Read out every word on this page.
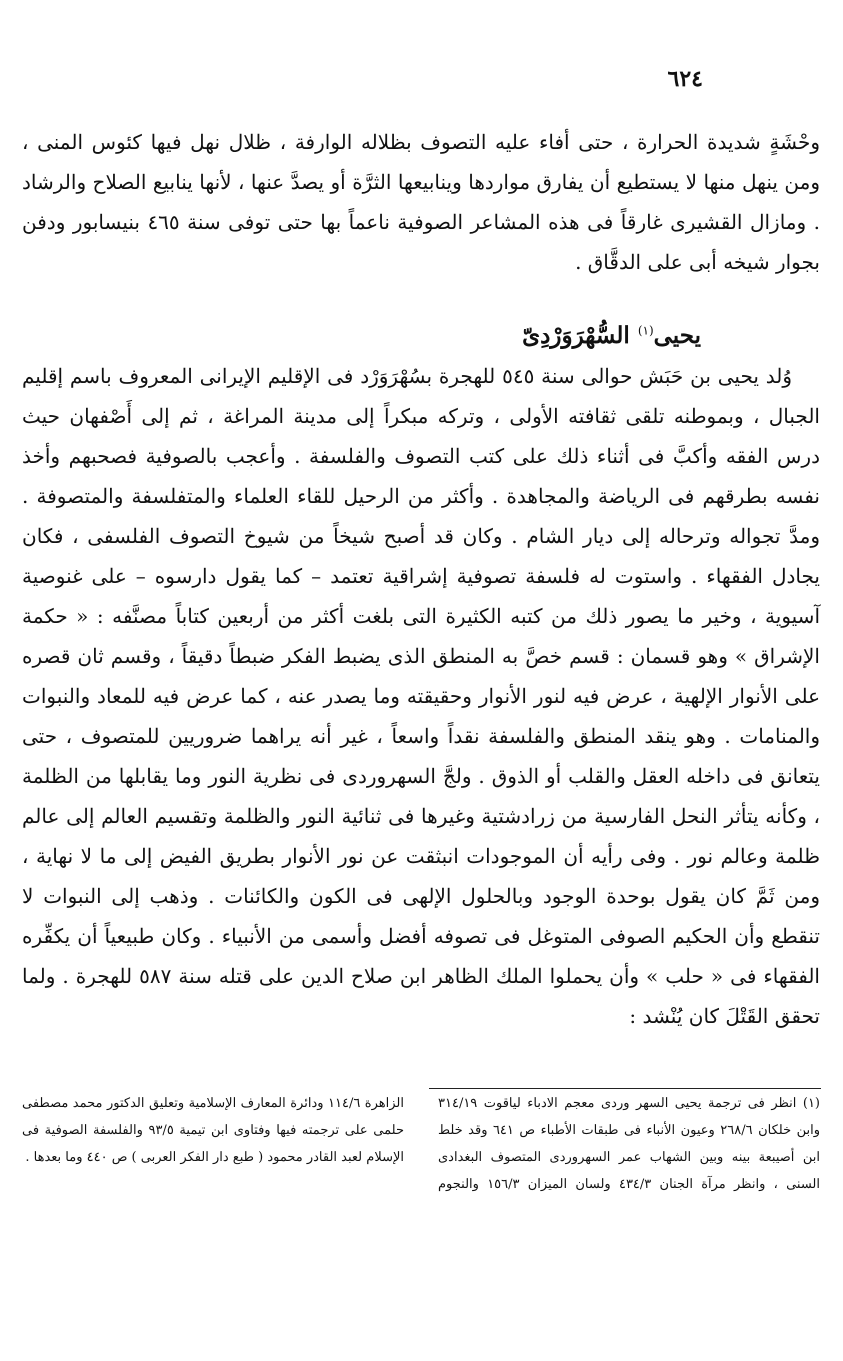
٦٢٤

وحْشَةٍ شديدة الحرارة ، حتى أفاء عليه التصوف بظلاله الوارفة ، ظلال نهل فيها كئوس المنى ، ومن ينهل منها لا يستطيع أن يفارق مواردها وينابيعها الثرَّة أو يصدَّ عنها ، لأنها ينابيع الصلاح والرشاد . ومازال القشيرى غارقاً فى هذه المشاعر الصوفية ناعماً بها حتى توفى سنة ٤٦٥ بنيسابور ودفن بجوار شيخه أبى على الدقَّاق .

يحيى$^{(١)}$ السُّهْرَوَرْدِىّ

وُلد يحيى بن حَبَش حوالى سنة ٥٤٥ للهجرة بسُهْرَوَرْد فى الإقليم الإيرانى المعروف باسم إقليم الجبال ، وبموطنه تلقى ثقافته الأولى ، وتركه مبكراً إلى مدينة المراغة ، ثم إلى أَصْفهان حيث درس الفقه وأكبَّ فى أثناء ذلك على كتب التصوف والفلسفة . وأعجب بالصوفية فصحبهم وأخذ نفسه بطرقهم فى الرياضة والمجاهدة . وأكثر من الرحيل للقاء العلماء والمتفلسفة والمتصوفة . ومدَّ تجواله وترحاله إلى ديار الشام . وكان قد أصبح شيخاً من شيوخ التصوف الفلسفى ، فكان يجادل الفقهاء . واستوت له فلسفة تصوفية إشراقية تعتمد – كما يقول دارسوه – على غنوصية آسيوية ، وخير ما يصور ذلك من كتبه الكثيرة التى بلغت أكثر من أربعين كتاباً مصنَّفه : « حكمة الإشراق » وهو قسمان : قسم خصَّ به المنطق الذى يضبط الفكر ضبطاً دقيقاً ، وقسم ثان قصره على الأنوار الإلهية ، عرض فيه لنور الأنوار وحقيقته وما يصدر عنه ، كما عرض فيه للمعاد والنبوات والمنامات . وهو ينقد المنطق والفلسفة نقداً واسعاً ، غير أنه يراهما ضروريين للمتصوف ، حتى يتعانق فى داخله العقل والقلب أو الذوق . ولجَّ السهروردى فى نظرية النور وما يقابلها من الظلمة ، وكأنه يتأثر النحل الفارسية من زرادشتية وغيرها فى ثنائية النور والظلمة وتقسيم العالم إلى عالم ظلمة وعالم نور . وفى رأيه أن الموجودات انبثقت عن نور الأنوار بطريق الفيض إلى ما لا نهاية ، ومن ثَمَّ كان يقول بوحدة الوجود وبالحلول الإلهى فى الكون والكائنات . وذهب إلى النبوات لا تنقطع وأن الحكيم الصوفى المتوغل فى تصوفه أفضل وأسمى من الأنبياء . وكان طبيعياً أن يكفِّره الفقهاء فى « حلب » وأن يحملوا الملك الظاهر ابن صلاح الدين على قتله سنة ٥٨٧ للهجرة . ولما تحقق القَتْلَ كان يُنْشد :

(١) انظر فى ترجمة يحيى السهر وردى معجم الادباء لياقوت ٣١٤/١٩ وابن خلكان ٢٦٨/٦ وعيون الأنباء فى طبقات الأطباء ص ٦٤١ وقد خلط ابن أصيبعة بينه وبين الشهاب عمر السهروردى المتصوف البغدادى السنى ، وانظر مرآة الجنان ٤٣٤/٣ ولسان الميزان ١٥٦/٣ والنجوم الزاهرة ١١٤/٦ ودائرة المعارف الإسلامية وتعليق الدكتور محمد مصطفى حلمى على ترجمته فيها وفتاوى ابن تيمية ٩٣/٥ والفلسفة الصوفية فى الإسلام لعبد القادر محمود ( طبع دار الفكر العربى ) ص ٤٤٠ وما بعدها .
